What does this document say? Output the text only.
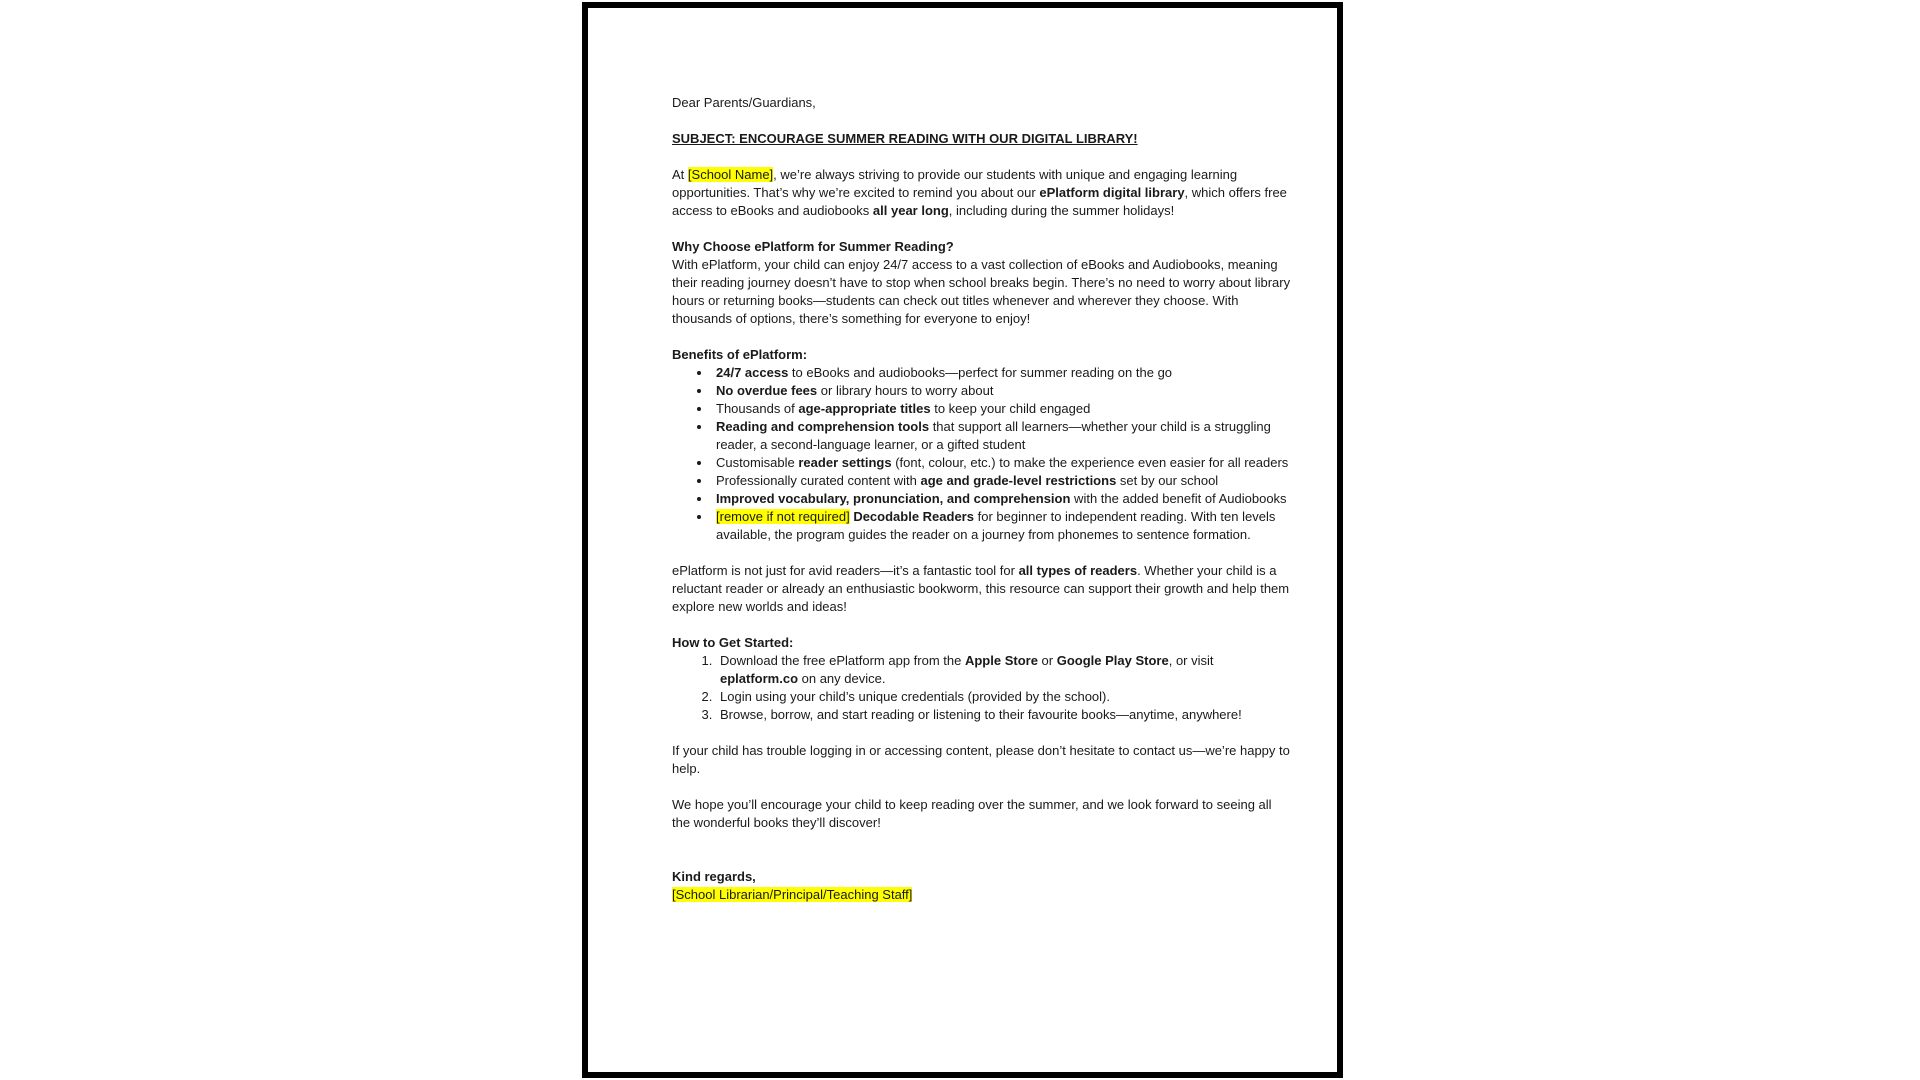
Dear Parents/Guardians,

SUBJECT: ENCOURAGE SUMMER READING WITH OUR DIGITAL LIBRARY!

At [School Name], we’re always striving to provide our students with unique and engaging learning opportunities. That’s why we’re excited to remind you about our ePlatform digital library, which offers free access to eBooks and audiobooks all year long, including during the summer holidays!

Why Choose ePlatform for Summer Reading?

With ePlatform, your child can enjoy 24/7 access to a vast collection of eBooks and Audiobooks, meaning their reading journey doesn’t have to stop when school breaks begin. There’s no need to worry about library hours or returning books—students can check out titles whenever and wherever they choose. With thousands of options, there’s something for everyone to enjoy!

Benefits of ePlatform:

• 24/7 access to eBooks and audiobooks—perfect for summer reading on the go
• No overdue fees or library hours to worry about
• Thousands of age-appropriate titles to keep your child engaged
• Reading and comprehension tools that support all learners—whether your child is a struggling reader, a second-language learner, or a gifted student
• Customisable reader settings (font, colour, etc.) to make the experience even easier for all readers
• Professionally curated content with age and grade-level restrictions set by our school
• Improved vocabulary, pronunciation, and comprehension with the added benefit of Audiobooks
• [remove if not required] Decodable Readers for beginner to independent reading. With ten levels available, the program guides the reader on a journey from phonemes to sentence formation.

ePlatform is not just for avid readers—it’s a fantastic tool for all types of readers. Whether your child is a reluctant reader or already an enthusiastic bookworm, this resource can support their growth and help them explore new worlds and ideas!

How to Get Started:

1. Download the free ePlatform app from the Apple Store or Google Play Store, or visit eplatform.co on any device.
2. Login using your child’s unique credentials (provided by the school).
3. Browse, borrow, and start reading or listening to their favourite books—anytime, anywhere!

If your child has trouble logging in or accessing content, please don’t hesitate to contact us—we’re happy to help.

We hope you’ll encourage your child to keep reading over the summer, and we look forward to seeing all the wonderful books they’ll discover!

Kind regards,

[School Librarian/Principal/Teaching Staff]
